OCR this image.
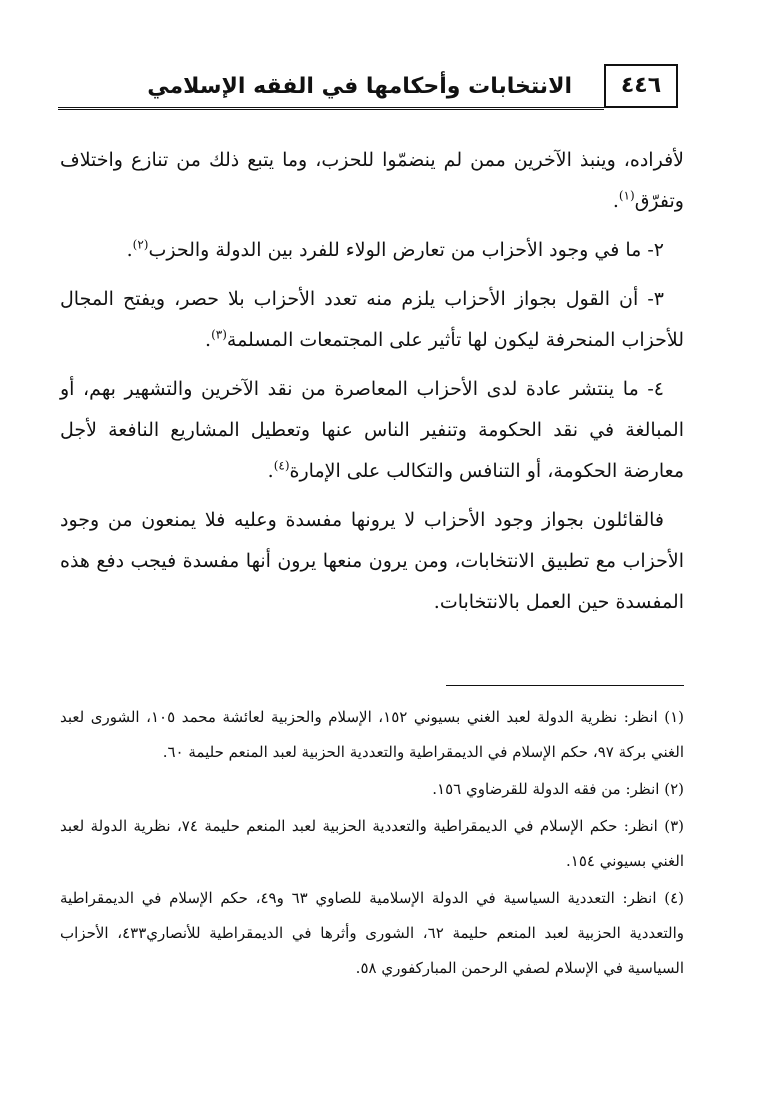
٤٤٦
الانتخابات وأحكامها في الفقه الإسلامي

لأفراده، وينبذ الآخرين ممن لم ينضمّوا للحزب، وما يتبع ذلك من تنازع واختلاف وتفرّق$^{(١)}$.

٢- ما في وجود الأحزاب من تعارض الولاء للفرد بين الدولة والحزب$^{(٢)}$.

٣- أن القول بجواز الأحزاب يلزم منه تعدد الأحزاب بلا حصر، ويفتح المجال للأحزاب المنحرفة ليكون لها تأثير على المجتمعات المسلمة$^{(٣)}$.

٤- ما ينتشر عادة لدى الأحزاب المعاصرة من نقد الآخرين والتشهير بهم، أو المبالغة في نقد الحكومة وتنفير الناس عنها وتعطيل المشاريع النافعة لأجل معارضة الحكومة، أو التنافس والتكالب على الإمارة$^{(٤)}$.

فالقائلون بجواز وجود الأحزاب لا يرونها مفسدة وعليه فلا يمنعون من وجود الأحزاب مع تطبيق الانتخابات، ومن يرون منعها يرون أنها مفسدة فيجب دفع هذه المفسدة حين العمل بالانتخابات.

(١) انظر: نظرية الدولة لعبد الغني بسيوني ١٥٢، الإسلام والحزبية لعائشة محمد ١٠٥، الشورى لعبد الغني بركة ٩٧، حكم الإسلام في الديمقراطية والتعددية الحزبية لعبد المنعم حليمة ٦٠.

(٢) انظر: من فقه الدولة للقرضاوي ١٥٦.

(٣) انظر: حكم الإسلام في الديمقراطية والتعددية الحزبية لعبد المنعم حليمة ٧٤، نظرية الدولة لعبد الغني بسيوني ١٥٤.

(٤) انظر: التعددية السياسية في الدولة الإسلامية للصاوي ٦٣ و٤٩، حكم الإسلام في الديمقراطية والتعددية الحزبية لعبد المنعم حليمة ٦٢، الشورى وأثرها في الديمقراطية للأنصاري٤٣٣، الأحزاب السياسية في الإسلام لصفي الرحمن المباركفوري ٥٨.
